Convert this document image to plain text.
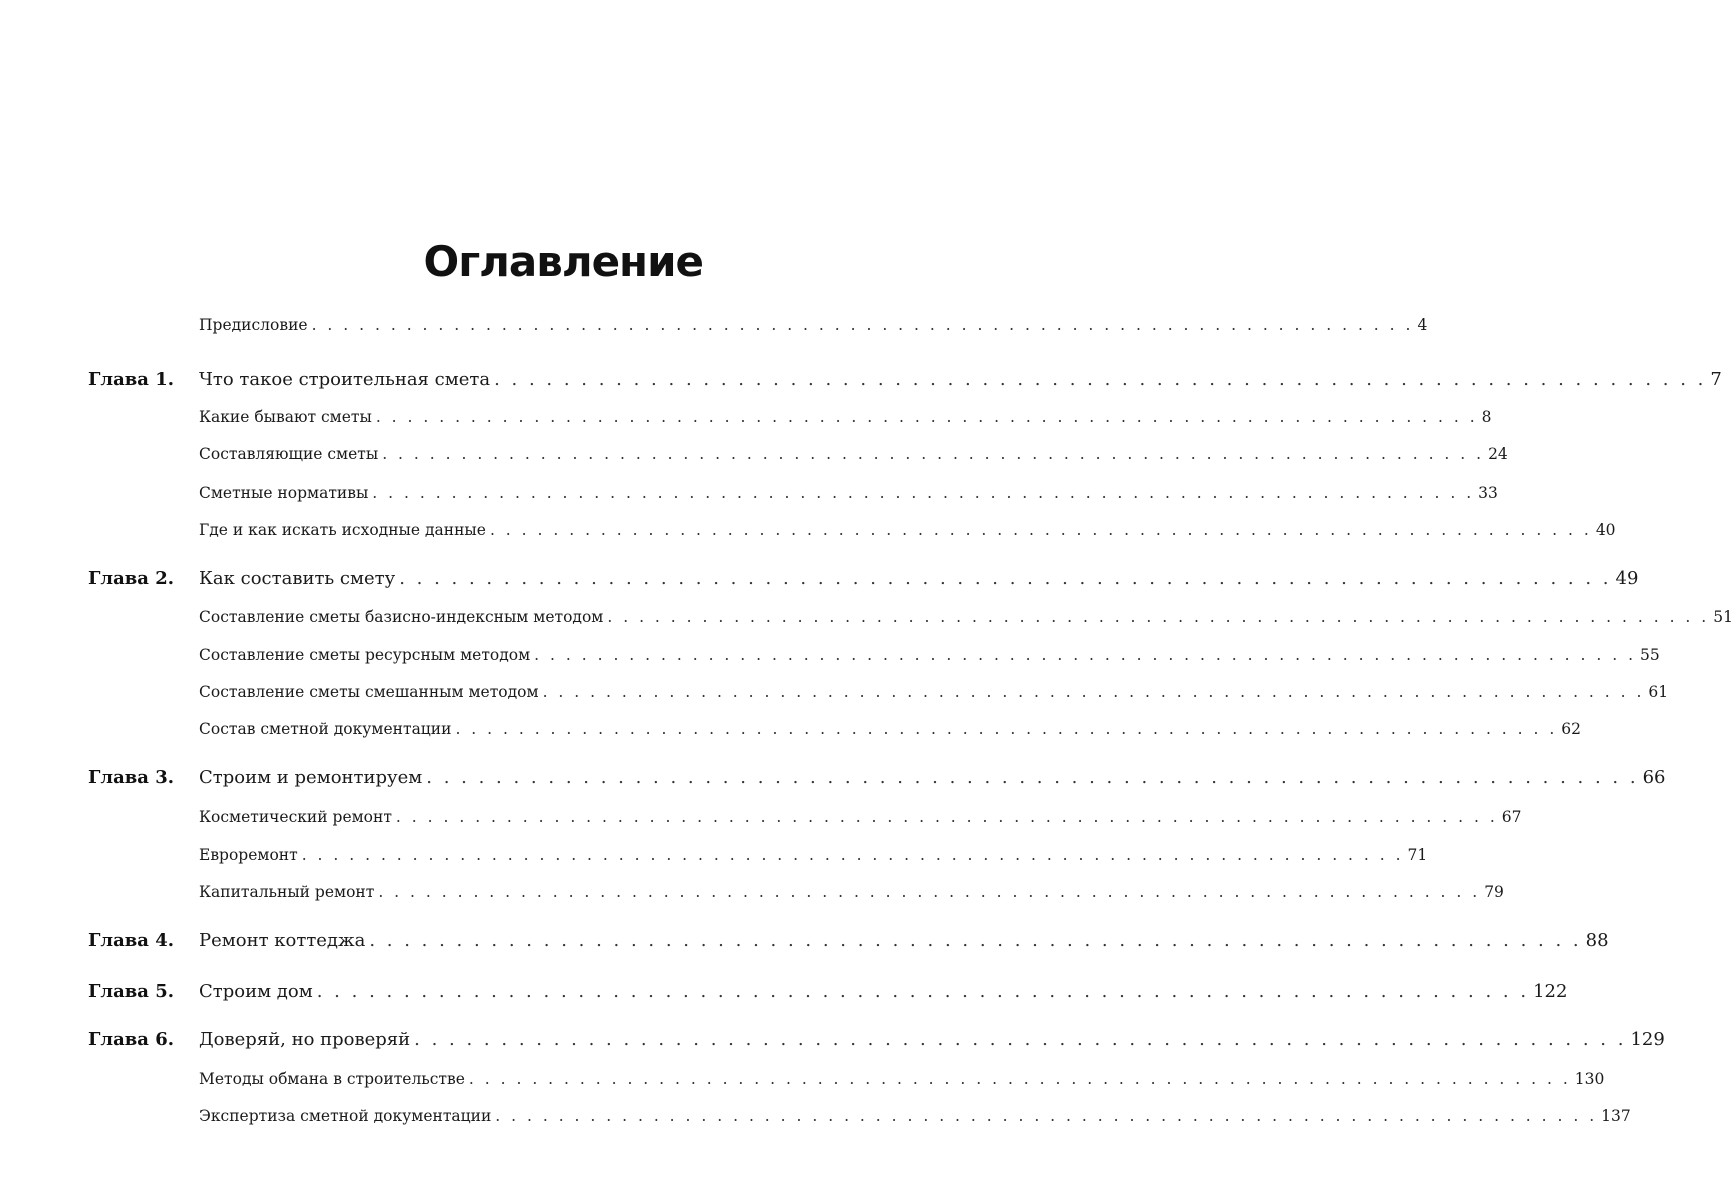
Оглавление
Предисловие . . . . . . . . . . . . . . . . . . . . . . . . . . . . . . . . . . . . . . . . . . . . . . . . . . . . . . . . . . . . . . . . . . . . . . 4
Глава 1. Что такое строительная смета . . . . . . . . . . . . . . . . . . . . . . . . . . . . . . . . . . . . . . . . . . . . . . . . . . . . . . . . . . . . . . . . . . . . . . 7
Какие бывают сметы . . . . . . . . . . . . . . . . . . . . . . . . . . . . . . . . . . . . . . . . . . . . . . . . . . . . . . . . . . . . . . . . . . . . . . 8
Составляющие сметы . . . . . . . . . . . . . . . . . . . . . . . . . . . . . . . . . . . . . . . . . . . . . . . . . . . . . . . . . . . . . . . . . . . . . . 24
Сметные нормативы . . . . . . . . . . . . . . . . . . . . . . . . . . . . . . . . . . . . . . . . . . . . . . . . . . . . . . . . . . . . . . . . . . . . . . 33
Где и как искать исходные данные . . . . . . . . . . . . . . . . . . . . . . . . . . . . . . . . . . . . . . . . . . . . . . . . . . . . . . . . . . . . . . . . . . . . . . 40
Глава 2. Как составить смету . . . . . . . . . . . . . . . . . . . . . . . . . . . . . . . . . . . . . . . . . . . . . . . . . . . . . . . . . . . . . . . . . . . . . . 49
Составление сметы базисно-индексным методом . . . . . . . . . . . . . . . . . . . . . . . . . . . . . . . . . . . . . . . . . . . . . . . . . . . . . . . . . . . . . . . . . . . . . . 51
Составление сметы ресурсным методом . . . . . . . . . . . . . . . . . . . . . . . . . . . . . . . . . . . . . . . . . . . . . . . . . . . . . . . . . . . . . . . . . . . . . . 55
Составление сметы смешанным методом . . . . . . . . . . . . . . . . . . . . . . . . . . . . . . . . . . . . . . . . . . . . . . . . . . . . . . . . . . . . . . . . . . . . . . 61
Состав сметной документации . . . . . . . . . . . . . . . . . . . . . . . . . . . . . . . . . . . . . . . . . . . . . . . . . . . . . . . . . . . . . . . . . . . . . . 62
Глава 3. Строим и ремонтируем . . . . . . . . . . . . . . . . . . . . . . . . . . . . . . . . . . . . . . . . . . . . . . . . . . . . . . . . . . . . . . . . . . . . . . 66
Косметический ремонт . . . . . . . . . . . . . . . . . . . . . . . . . . . . . . . . . . . . . . . . . . . . . . . . . . . . . . . . . . . . . . . . . . . . . . 67
Евроремонт . . . . . . . . . . . . . . . . . . . . . . . . . . . . . . . . . . . . . . . . . . . . . . . . . . . . . . . . . . . . . . . . . . . . . . 71
Капитальный ремонт . . . . . . . . . . . . . . . . . . . . . . . . . . . . . . . . . . . . . . . . . . . . . . . . . . . . . . . . . . . . . . . . . . . . . . 79
Глава 4. Ремонт коттеджа . . . . . . . . . . . . . . . . . . . . . . . . . . . . . . . . . . . . . . . . . . . . . . . . . . . . . . . . . . . . . . . . . . . . . . 88
Глава 5. Строим дом . . . . . . . . . . . . . . . . . . . . . . . . . . . . . . . . . . . . . . . . . . . . . . . . . . . . . . . . . . . . . . . . . . . . . . 122
Глава 6. Доверяй, но проверяй . . . . . . . . . . . . . . . . . . . . . . . . . . . . . . . . . . . . . . . . . . . . . . . . . . . . . . . . . . . . . . . . . . . . . . 129
Методы обмана в строительстве . . . . . . . . . . . . . . . . . . . . . . . . . . . . . . . . . . . . . . . . . . . . . . . . . . . . . . . . . . . . . . . . . . . . . . 130
Экспертиза сметной документации . . . . . . . . . . . . . . . . . . . . . . . . . . . . . . . . . . . . . . . . . . . . . . . . . . . . . . . . . . . . . . . . . . . . . . 137
